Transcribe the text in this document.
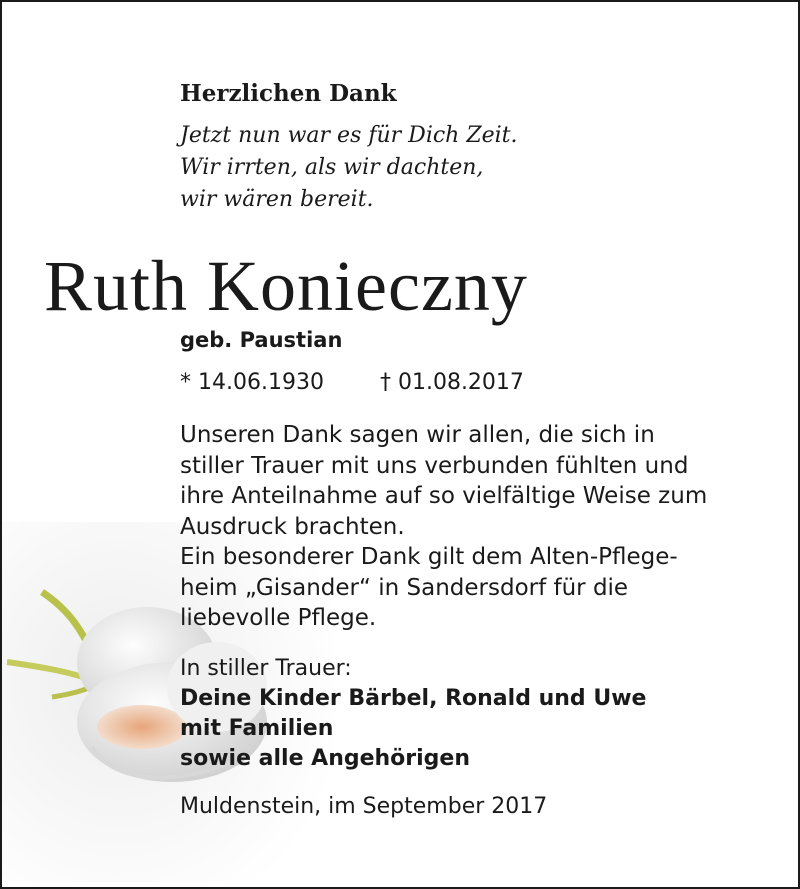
Herzlichen Dank
Jetzt nun war es für Dich Zeit.
Wir irrten, als wir dachten,
wir wären bereit.
Ruth Konieczny
geb. Paustian
* 14.06.1930	† 01.08.2017
Unseren Dank sagen wir allen, die sich in
stiller Trauer mit uns verbunden fühlten und
ihre Anteilnahme auf so vielfältige Weise zum
Ausdruck brachten.
Ein besonderer Dank gilt dem Alten-Pflege-
heim „Gisander“ in Sandersdorf für die
liebevolle Pflege.
In stiller Trauer:
Deine Kinder Bärbel, Ronald und Uwe
mit Familien
sowie alle Angehörigen
Muldenstein, im September 2017
